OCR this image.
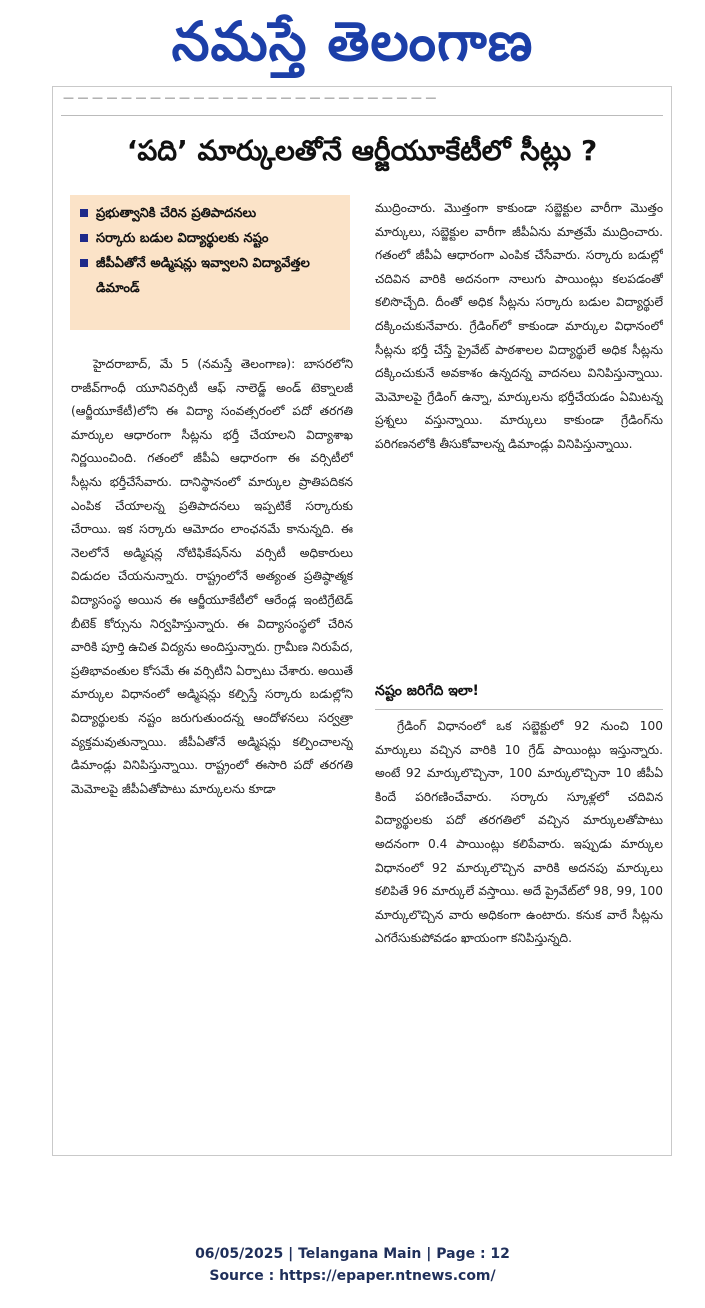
నమస్తే తెలంగాణ
— — — — — — — — — — — — — — — — — — — — — — — — — —
‘పది’ మార్కులతోనే ఆర్జీయూకేటీలో సీట్లు ?
ప్రభుత్వానికి చేరిన ప్రతిపాదనలు
సర్కారు బడుల విద్యార్థులకు నష్టం
జీపీఏతోనే అడ్మిషన్లు ఇవ్వాలని విద్యావేత్తల డిమాండ్

హైదరాబాద్, మే 5 (నమస్తే తెలంగాణ): బాసరలోని రాజీవ్‌గాంధీ యూనివర్సిటీ ఆఫ్ నాలెడ్జ్ అండ్ టెక్నాలజీ (ఆర్జీయూకేటీ)లోని ఈ విద్యా సంవత్సరంలో పదో తరగతి మార్కుల ఆధారంగా సీట్లను భర్తీ చేయాలని విద్యాశాఖ నిర్ణయించింది. గతంలో జీపీఏ ఆధారంగా ఈ వర్సిటీలో సీట్లను భర్తీచేసేవారు. దానిస్థానంలో మార్కుల ప్రాతిపదికన ఎంపిక చేయాలన్న ప్రతిపాదనలు ఇప్పటికే సర్కారుకు చేరాయి. ఇక సర్కారు ఆమోదం లాంఛనమే కానున్నది. ఈ నెలలోనే అడ్మిషన్ల నోటిఫికేషన్‌ను వర్సిటీ అధికారులు విడుదల చేయనున్నారు. రాష్ట్రంలోనే అత్యంత ప్రతిష్ఠాత్మక విద్యాసంస్థ అయిన ఈ ఆర్జీయూకేటీలో ఆరేండ్ల ఇంటిగ్రేటెడ్ బీటెక్ కోర్సును నిర్వహిస్తున్నారు. ఈ విద్యాసంస్థలో చేరిన వారికి పూర్తి ఉచిత విద్యను అందిస్తున్నారు. గ్రామీణ నిరుపేద, ప్రతిభావంతుల కోసమే ఈ వర్సిటీని ఏర్పాటు చేశారు. అయితే మార్కుల విధానంలో అడ్మిషన్లు కల్పిస్తే సర్కారు బడుల్లోని విద్యార్థులకు నష్టం జరుగుతుందన్న ఆందోళనలు సర్వత్రా వ్యక్తమవుతున్నాయి. జీపీఏతోనే అడ్మిషన్లు కల్పించాలన్న డిమాండ్లు వినిపిస్తున్నాయి. రాష్ట్రంలో ఈసారి పదో తరగతి మెమోలపై జీపీఏతోపాటు మార్కులను కూడా

ముద్రించారు. మొత్తంగా కాకుండా సబ్జెక్టుల వారీగా మొత్తం మార్కులు, సబ్జెక్టుల వారీగా జీపీఏను మాత్రమే ముద్రించారు. గతంలో జీపీఏ ఆధారంగా ఎంపిక చేసేవారు. సర్కారు బడుల్లో చదివిన వారికి అదనంగా నాలుగు పాయింట్లు కలపడంతో కలిసొచ్చేది. దీంతో అధిక సీట్లను సర్కారు బడుల విద్యార్థులే దక్కించుకునేవారు. గ్రేడింగ్‌లో కాకుండా మార్కుల విధానంలో సీట్లను భర్తీ చేస్తే ప్రైవేట్ పాఠశాలల విద్యార్థులే అధిక సీట్లను దక్కించుకునే అవకాశం ఉన్నదన్న వాదనలు వినిపిస్తున్నాయి. మెమోలపై గ్రేడింగ్ ఉన్నా, మార్కులను భర్తీచేయడం ఏమిటన్న ప్రశ్నలు వస్తున్నాయి. మార్కులు కాకుండా గ్రేడింగ్‌ను పరిగణనలోకి తీసుకోవాలన్న డిమాండ్లు వినిపిస్తున్నాయి.

నష్టం జరిగేది ఇలా!

గ్రేడింగ్ విధానంలో ఒక సబ్జెక్టులో 92 నుంచి 100 మార్కులు వచ్చిన వారికి 10 గ్రేడ్ పాయింట్లు ఇస్తున్నారు. అంటే 92 మార్కులొచ్చినా, 100 మార్కులొచ్చినా 10 జీపీఏ కిందే పరిగణించేవారు. సర్కారు స్కూళ్లలో చదివిన విద్యార్థులకు పదో తరగతిలో వచ్చిన మార్కులతోపాటు అదనంగా 0.4 పాయింట్లు కలిపేవారు. ఇప్పుడు మార్కుల విధానంలో 92 మార్కులొచ్చిన వారికి అదనపు మార్కులు కలిపితే 96 మార్కులే వస్తాయి. అదే ప్రైవేట్‌లో 98, 99, 100 మార్కులొచ్చిన వారు అధికంగా ఉంటారు. కనుక వారే సీట్లను ఎగరేసుకుపోవడం ఖాయంగా కనిపిస్తున్నది.

06/05/2025 | Telangana Main | Page : 12
Source : https://epaper.ntnews.com/
